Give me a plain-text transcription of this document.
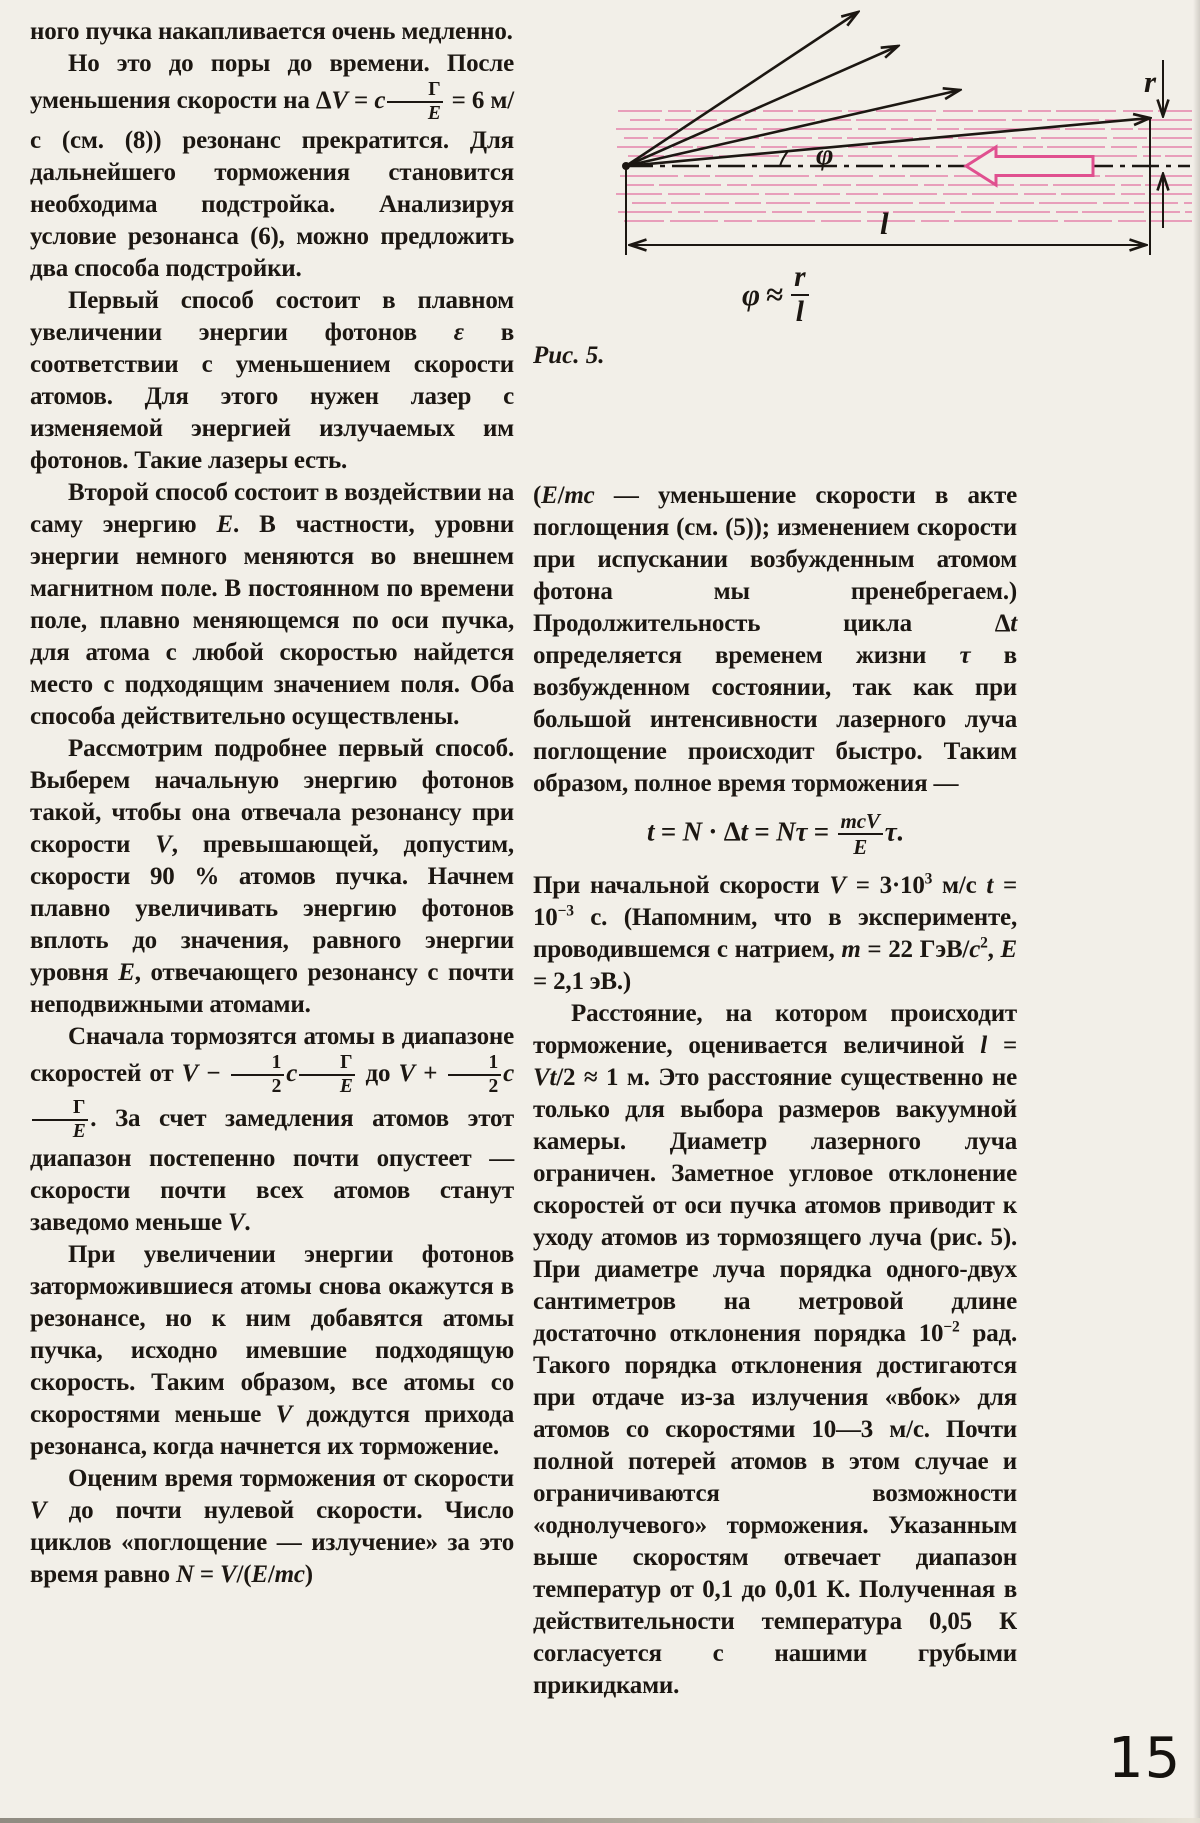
φ
r
l
$\varphi \approx \frac{r}{l}$
Рис. 5.

ного пучка накапливается очень медленно.

Но это до поры до времени. После уменьшения скорости на ΔV = c $\frac{\Gamma}{E} = 6$ м/с (см. (8)) резонанс прекратится. Для дальнейшего торможения становится необходима подстройка. Анализируя условие резонанса (6), можно предложить два способа подстройки.

Первый способ состоит в плавном увеличении энергии фотонов ε в соответствии с уменьшением скорости атомов. Для этого нужен лазер с изменяемой энергией излучаемых им фотонов. Такие лазеры есть.

Второй способ состоит в воздействии на саму энергию E. В частности, уровни энергии немного меняются во внешнем магнитном поле. В постоянном по времени поле, плавно меняющемся по оси пучка, для атома с любой скоростью найдется место с подходящим значением поля. Оба способа действительно осуществлены.

Рассмотрим подробнее первый способ. Выберем начальную энергию фотонов такой, чтобы она отвечала резонансу при скорости V, превышающей, допустим, скорости 90 % атомов пучка. Начнем плавно увеличивать энергию фотонов вплоть до значения, равного энергии уровня E, отвечающего резонансу с почти неподвижными атомами.

Сначала тормозятся атомы в диапазоне скоростей от $V - \frac{1}{2}$ c $\frac{\Gamma}{E}$ до $V + \frac{1}{2}$ c
$\frac{\Gamma}{E}$ . За счет замедления атомов этот диапазон постепенно почти опустеет — скорости почти всех атомов станут заведомо меньше V.

При увеличении энергии фотонов заторможившиеся атомы снова окажутся в резонансе, но к ним добавятся атомы пучка, исходно имевшие подходящую скорость. Таким образом, все атомы со скоростями меньше V дождутся прихода резонанса, когда начнется их торможение.

Оценим время торможения от скорости V до почти нулевой скорости. Число циклов «поглощение — излучение» за это время равно N = V/(E/mc)

(E/mc — уменьшение скорости в акте поглощения (см. (5)); изменением скорости при испускании возбужденным атомом фотона мы пренебрегаем.) Продолжительность цикла Δt определяется временем жизни τ в возбужденном состоянии, так как при большой интенсивности лазерного луча поглощение происходит быстро. Таким образом, полное время торможения —

$t = N \cdot \Delta t = N\tau = \frac{\text{mcV}}{E} \tau$.

При начальной скорости $V = 3\cdot 10^3$ м/с $t = 10^{-3}$ с. (Напомним, что в эксперименте, проводившемся с натрием, m = 22 ГэВ/$c^2$, E = 2,1 эВ.)

Расстояние, на котором происходит торможение, оценивается величиной l = Vt/2 ≈ 1 м. Это расстояние существенно не только для выбора размеров вакуумной камеры. Диаметр лазерного луча ограничен. Заметное угловое отклонение скоростей от оси пучка атомов приводит к уходу атомов из тормозящего луча (рис. 5). При диаметре луча порядка одного-двух сантиметров на метровой длине достаточно отклонения порядка $10^{-2}$ рад. Такого порядка отклонения достигаются при отдаче из-за излучения «вбок» для атомов со скоростями 10—3 м/с. Почти полной потерей атомов в этом случае и ограничиваются возможности «однолучевого» торможения. Указанным выше скоростям отвечает диапазон температур от 0,1 до 0,01 К. Полученная в действительности температура 0,05 К согласуется с нашими грубыми прикидками.

15
